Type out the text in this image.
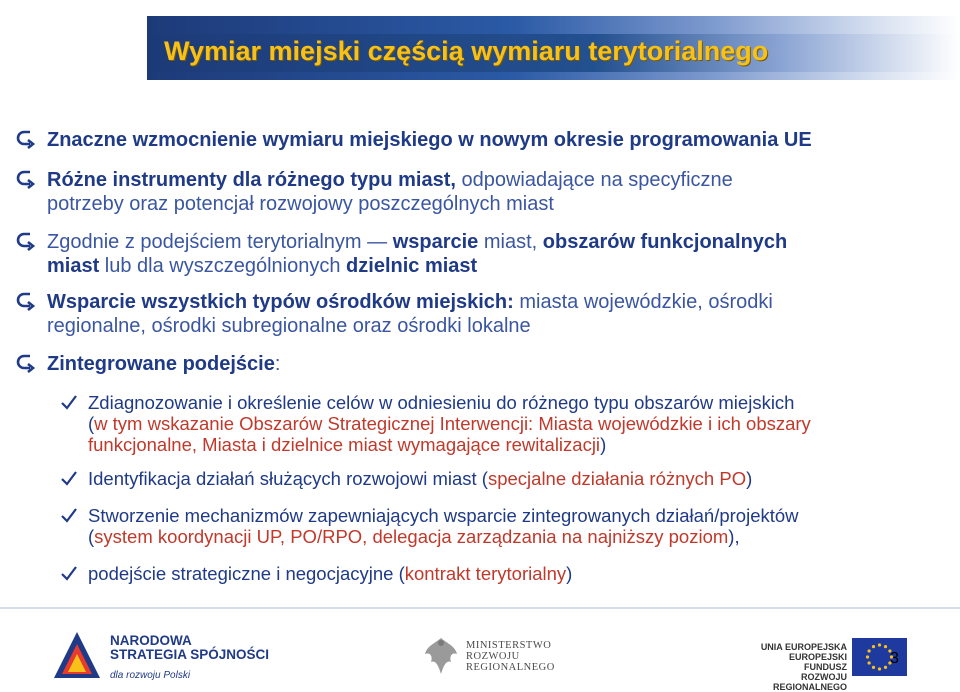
Wymiar miejski częścią wymiaru terytorialnego
Znaczne wzmocnienie wymiaru miejskiego w nowym okresie programowania UE
Różne instrumenty dla różnego typu miast, odpowiadające na specyficzne
potrzeby oraz potencjał rozwojowy poszczególnych miast
Zgodnie z podejściem terytorialnym — wsparcie miast, obszarów funkcjonalnych
miast lub dla wyszczególnionych dzielnic miast
Wsparcie wszystkich typów ośrodków miejskich: miasta wojewódzkie, ośrodki
regionalne, ośrodki subregionalne oraz ośrodki lokalne
Zintegrowane podejście:
Zdiagnozowanie i określenie celów w odniesieniu do różnego typu obszarów miejskich
(w tym wskazanie Obszarów Strategicznej Interwencji: Miasta wojewódzkie i ich obszary
funkcjonalne, Miasta i dzielnice miast wymagające rewitalizacji)
Identyfikacja działań służących rozwojowi miast (specjalne działania różnych PO)
Stworzenie mechanizmów zapewniających wsparcie zintegrowanych działań/projektów
(system koordynacji UP, PO/RPO, delegacja zarządzania na najniższy poziom),
podejście strategiczne i negocjacyjne (kontrakt terytorialny)
NARODOWA
STRATEGIA SPÓJNOŚCI
dla rozwoju Polski
MINISTERSTWO
ROZWOJU
REGIONALNEGO
UNIA EUROPEJSKA
EUROPEJSKI FUNDUSZ
ROZWOJU REGIONALNEGO
3
